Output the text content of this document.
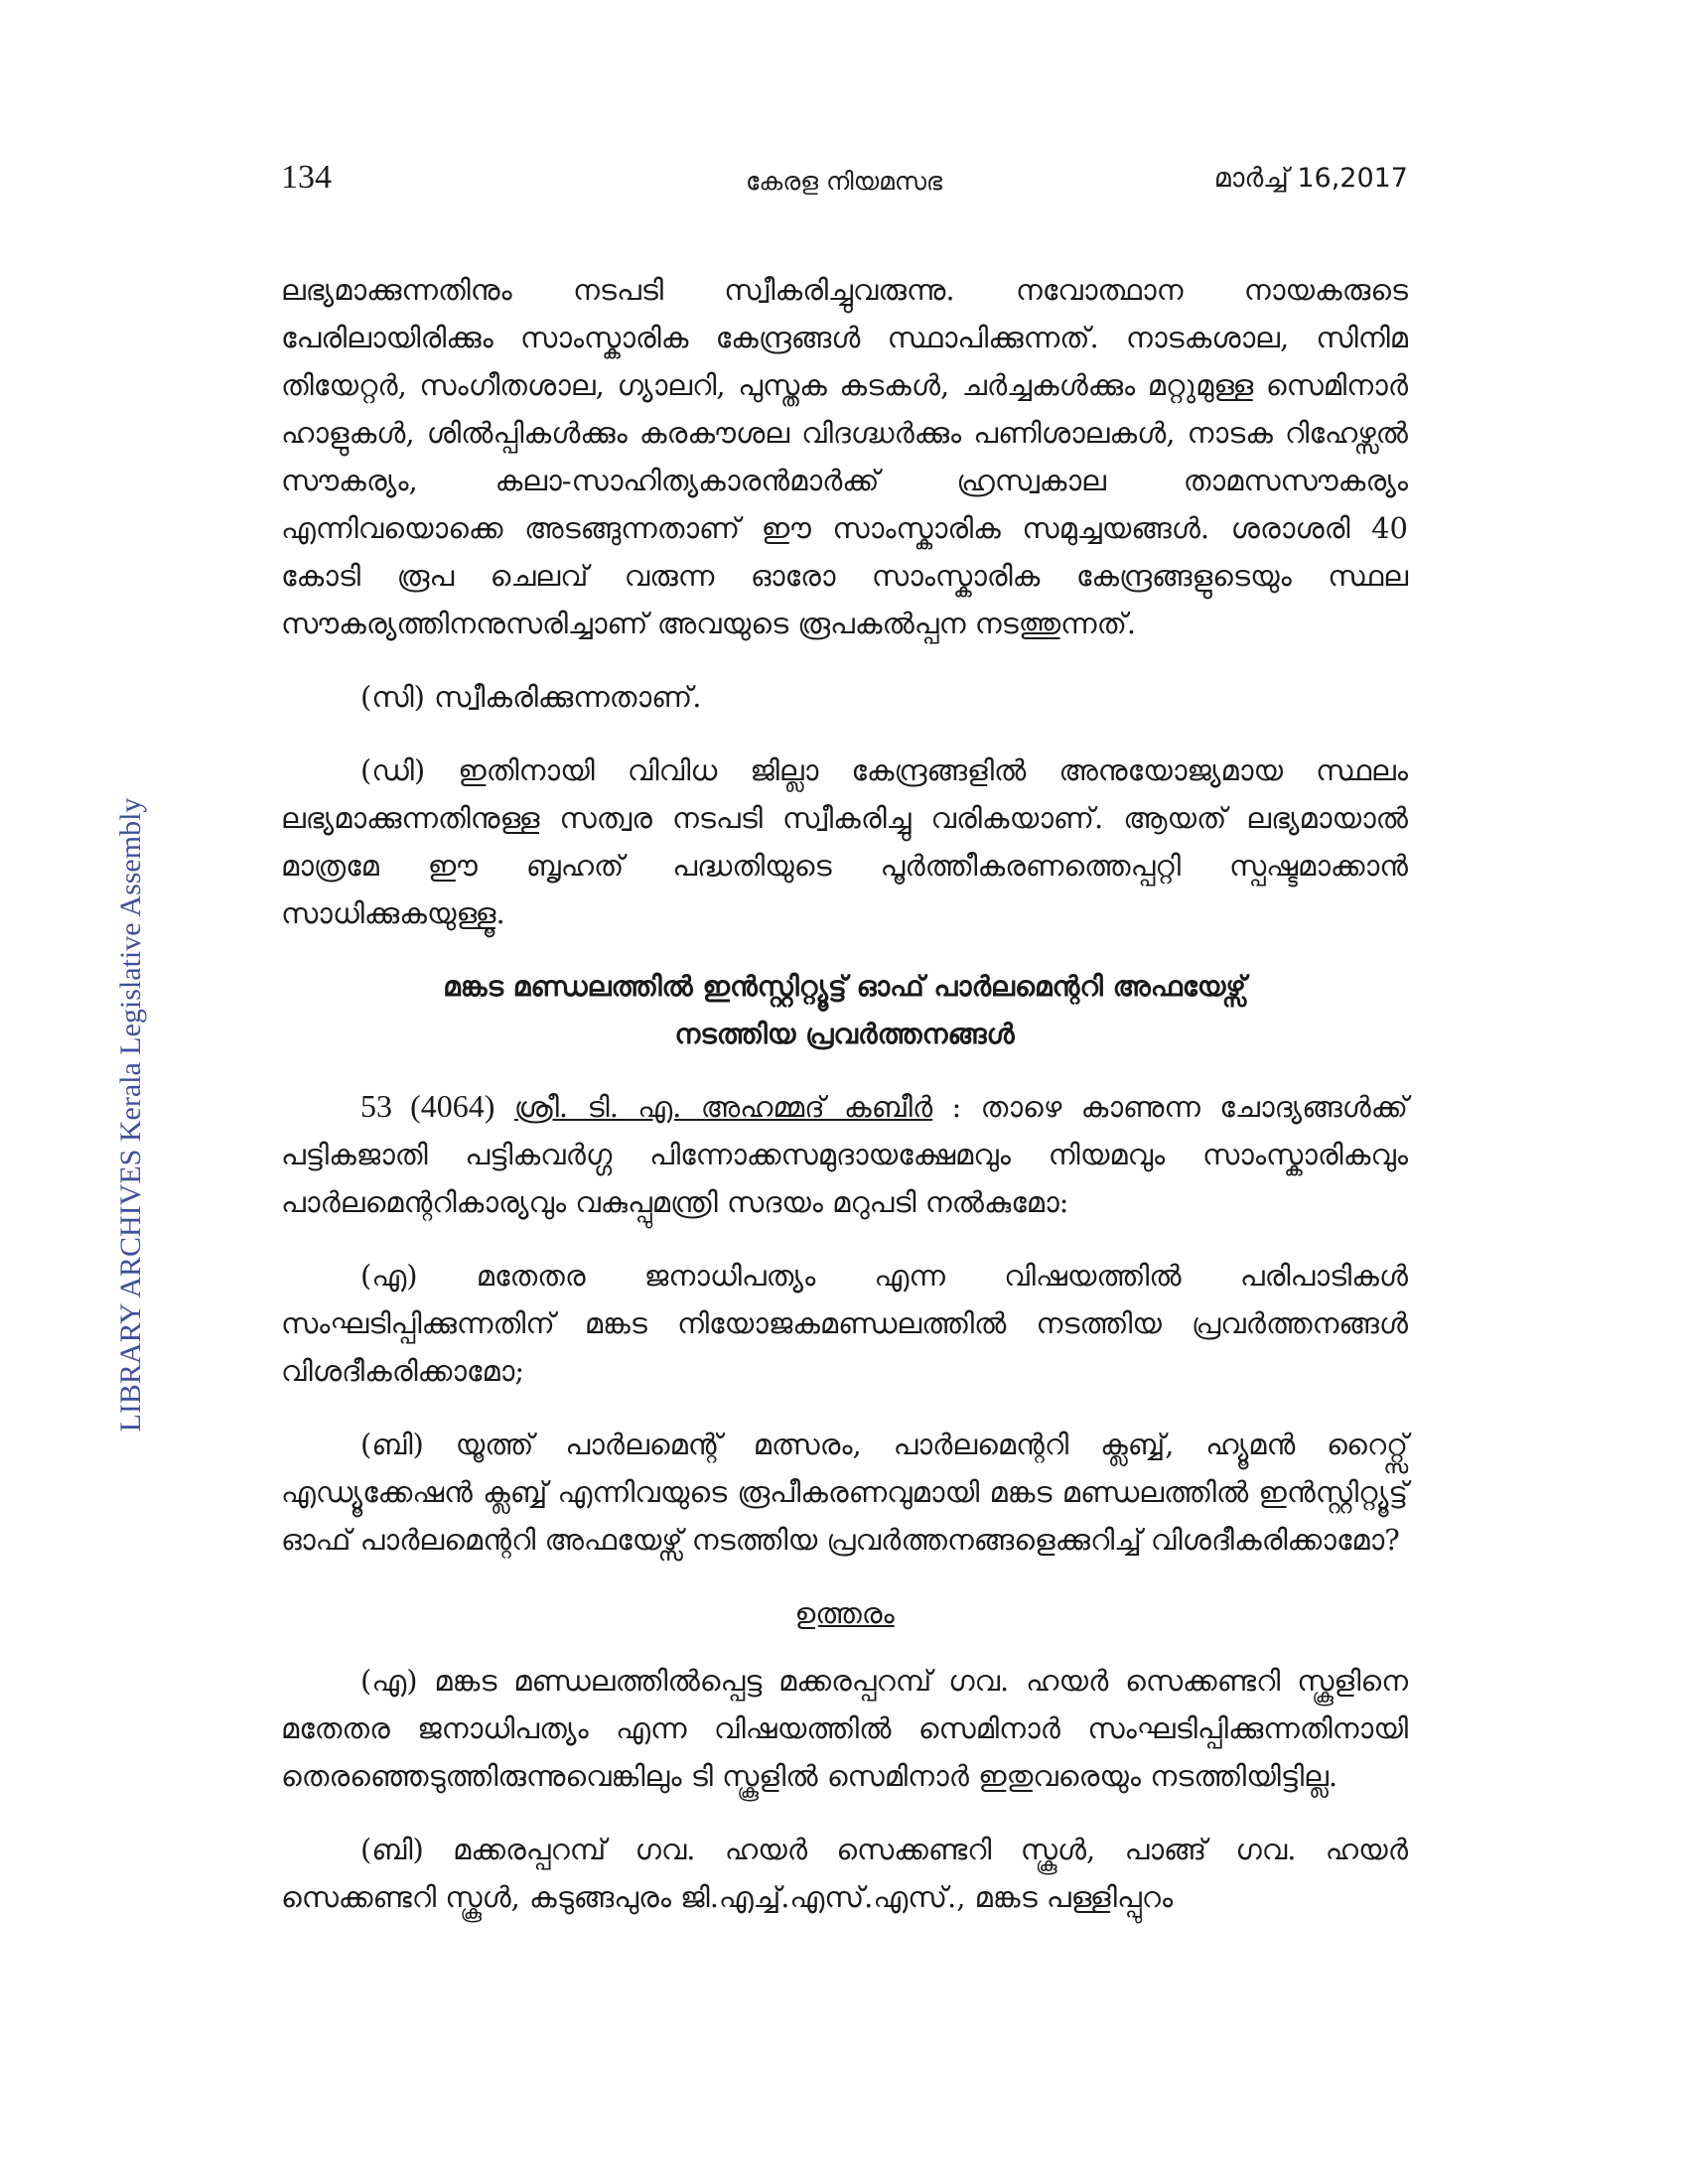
134	കേരള നിയമസഭ	മാർച്ച് 16,2017
LIBRARY ARCHIVES Kerala Legislative Assembly

ലഭ്യമാക്കുന്നതിനും നടപടി സ്വീകരിച്ചുവരുന്നു. നവോത്ഥാന നായകരുടെ പേരിലായിരിക്കും സാംസ്കാരിക കേന്ദ്രങ്ങൾ സ്ഥാപിക്കുന്നത്. നാടകശാല, സിനിമ തിയേറ്റർ, സംഗീതശാല, ഗ്യാലറി, പുസ്തക കടകൾ, ചർച്ചകൾക്കും മറ്റുമുള്ള സെമിനാർ ഹാളുകൾ, ശിൽപ്പികൾക്കും കരകൗശല വിദഗ്ദ്ധർക്കും പണിശാലകൾ, നാടക റിഹേഴ്സൽ സൗകര്യം, കലാ-സാഹിത്യകാരൻമാർക്ക് ഹ്രസ്വകാല താമസസൗകര്യം എന്നിവയൊക്കെ അടങ്ങുന്നതാണ് ഈ സാംസ്കാരിക സമുച്ചയങ്ങൾ. ശരാശരി 40 കോടി രൂപ ചെലവ് വരുന്ന ഓരോ സാംസ്കാരിക കേന്ദ്രങ്ങളുടെയും സ്ഥല സൗകര്യത്തിനനുസരിച്ചാണ് അവയുടെ രൂപകൽപ്പന നടത്തുന്നത്.

(സി) സ്വീകരിക്കുന്നതാണ്.

(ഡി) ഇതിനായി വിവിധ ജില്ലാ കേന്ദ്രങ്ങളിൽ അനുയോജ്യമായ സ്ഥലം ലഭ്യമാക്കുന്നതിനുള്ള സത്വര നടപടി സ്വീകരിച്ചു വരികയാണ്. ആയത് ലഭ്യമായാൽ മാത്രമേ ഈ ബൃഹത് പദ്ധതിയുടെ പൂർത്തീകരണത്തെപ്പറ്റി സ്പഷ്ടമാക്കാൻ സാധിക്കുകയുള്ളൂ.

മങ്കട മണ്ഡലത്തിൽ ഇൻസ്റ്റിറ്റ്യൂട്ട് ഓഫ് പാർലമെന്ററി അഫയേഴ്സ്
നടത്തിയ പ്രവർത്തനങ്ങൾ

53 (4064) ശ്രീ. ടി. എ. അഹമ്മദ് കബീർ : താഴെ കാണുന്ന ചോദ്യങ്ങൾക്ക് പട്ടികജാതി പട്ടികവർഗ്ഗ പിന്നോക്കസമുദായക്ഷേമവും നിയമവും സാംസ്കാരികവും പാർലമെന്ററികാര്യവും വകുപ്പുമന്ത്രി സദയം മറുപടി നൽകുമോ:

(എ) മതേതര ജനാധിപത്യം എന്ന വിഷയത്തിൽ പരിപാടികൾ സംഘടിപ്പിക്കുന്നതിന് മങ്കട നിയോജകമണ്ഡലത്തിൽ നടത്തിയ പ്രവർത്തനങ്ങൾ വിശദീകരിക്കാമോ;

(ബി) യൂത്ത് പാർലമെന്റ് മത്സരം, പാർലമെന്ററി ക്ലബ്ബ്, ഹ്യൂമൻ റൈറ്റ്സ് എഡ്യൂക്കേഷൻ ക്ലബ്ബ് എന്നിവയുടെ രൂപീകരണവുമായി മങ്കട മണ്ഡലത്തിൽ ഇൻസ്റ്റിറ്റ്യൂട്ട് ഓഫ് പാർലമെന്ററി അഫയേഴ്സ് നടത്തിയ പ്രവർത്തനങ്ങളെക്കുറിച്ച് വിശദീകരിക്കാമോ?

ഉത്തരം

(എ) മങ്കട മണ്ഡലത്തിൽപ്പെട്ട മക്കരപ്പറമ്പ് ഗവ. ഹയർ സെക്കണ്ടറി സ്കൂളിനെ മതേതര ജനാധിപത്യം എന്ന വിഷയത്തിൽ സെമിനാർ സംഘടിപ്പിക്കുന്നതിനായി തെരഞ്ഞെടുത്തിരുന്നുവെങ്കിലും ടി സ്കൂളിൽ സെമിനാർ ഇതുവരെയും നടത്തിയിട്ടില്ല.

(ബി) മക്കരപ്പറമ്പ് ഗവ. ഹയർ സെക്കണ്ടറി സ്കൂൾ, പാങ്ങ് ഗവ. ഹയർ സെക്കണ്ടറി സ്കൂൾ, കടുങ്ങപുരം ജി.എച്ച്.എസ്.എസ്., മങ്കട പള്ളിപ്പുറം
